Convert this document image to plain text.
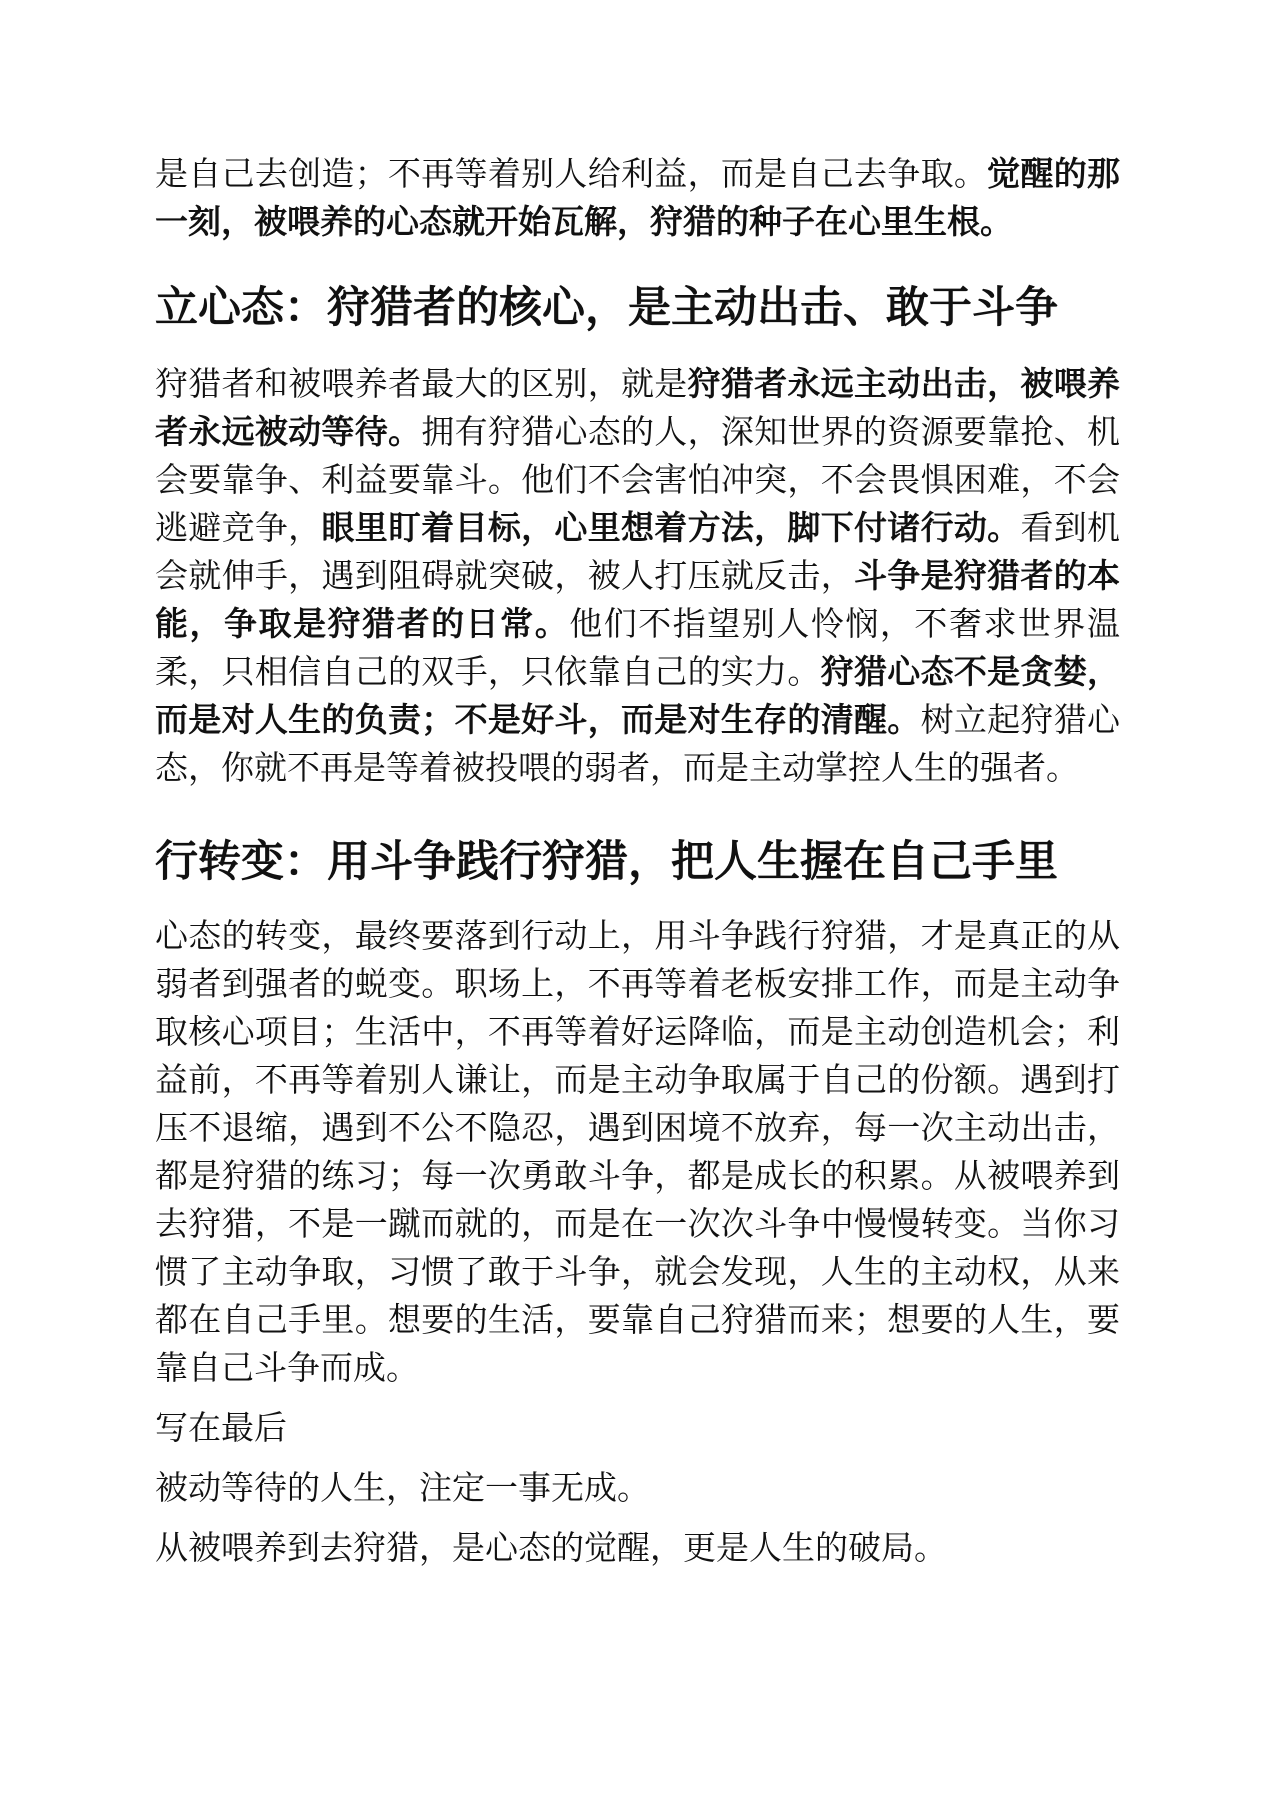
是自己去创造；不再等着别人给利益，而是自己去争取。觉醒的那一刻，被喂养的心态就开始瓦解，狩猎的种子在心里生根。

立心态：狩猎者的核心，是主动出击、敢于斗争

狩猎者和被喂养者最大的区别，就是狩猎者永远主动出击，被喂养者永远被动等待。拥有狩猎心态的人，深知世界的资源要靠抢、机会要靠争、利益要靠斗。他们不会害怕冲突，不会畏惧困难，不会逃避竞争，眼里盯着目标，心里想着方法，脚下付诸行动。看到机会就伸手，遇到阻碍就突破，被人打压就反击，斗争是狩猎者的本能，争取是狩猎者的日常。他们不指望别人怜悯，不奢求世界温柔，只相信自己的双手，只依靠自己的实力。狩猎心态不是贪婪，而是对人生的负责；不是好斗，而是对生存的清醒。树立起狩猎心态，你就不再是等着被投喂的弱者，而是主动掌控人生的强者。

行转变：用斗争践行狩猎，把人生握在自己手里

心态的转变，最终要落到行动上，用斗争践行狩猎，才是真正的从弱者到强者的蜕变。职场上，不再等着老板安排工作，而是主动争取核心项目；生活中，不再等着好运降临，而是主动创造机会；利益前，不再等着别人谦让，而是主动争取属于自己的份额。遇到打压不退缩，遇到不公不隐忍，遇到困境不放弃，每一次主动出击，都是狩猎的练习；每一次勇敢斗争，都是成长的积累。从被喂养到去狩猎，不是一蹴而就的，而是在一次次斗争中慢慢转变。当你习惯了主动争取，习惯了敢于斗争，就会发现，人生的主动权，从来都在自己手里。想要的生活，要靠自己狩猎而来；想要的人生，要靠自己斗争而成。

写在最后

被动等待的人生，注定一事无成。

从被喂养到去狩猎，是心态的觉醒，更是人生的破局。
